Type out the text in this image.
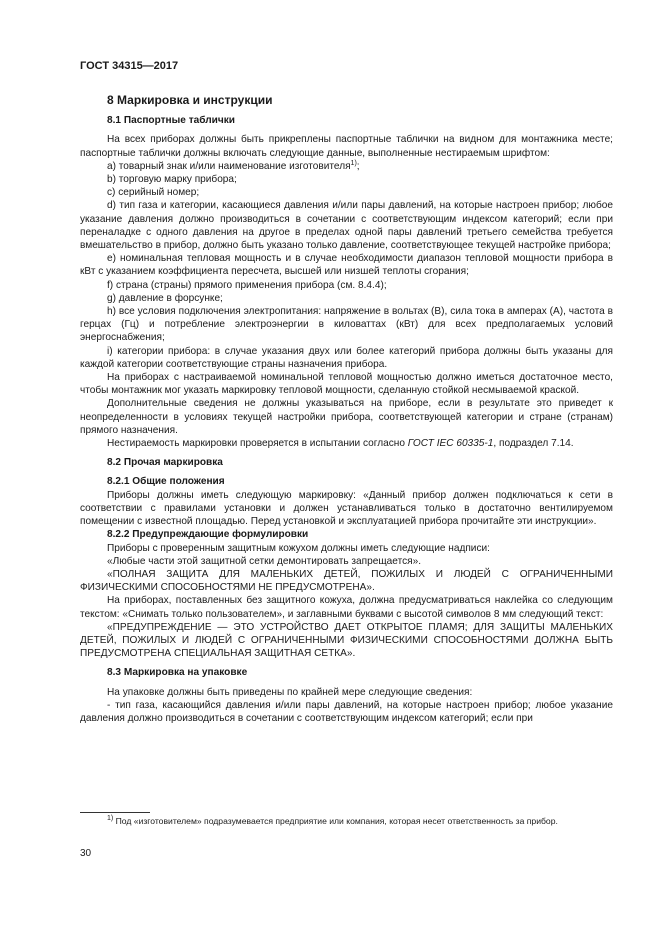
ГОСТ 34315—2017

8 Маркировка и инструкции

8.1 Паспортные таблички

На всех приборах должны быть прикреплены паспортные таблички на видном для монтажника месте; паспортные таблички должны включать следующие данные, выполненные нестираемым шрифтом:

а) товарный знак и/или наименование изготовителя$^{1)}$;

b) торговую марку прибора;

c) серийный номер;

d) тип газа и категории, касающиеся давления и/или пары давлений, на которые настроен прибор; любое указание давления должно производиться в сочетании с соответствующим индексом категорий; если при переналадке с одного давления на другое в пределах одной пары давлений третьего семейства требуется вмешательство в прибор, должно быть указано только давление, соответствующее текущей настройке прибора;

e) номинальная тепловая мощность и в случае необходимости диапазон тепловой мощности прибора в кВт с указанием коэффициента пересчета, высшей или низшей теплоты сгорания;

f) страна (страны) прямого применения прибора (см. 8.4.4);

g) давление в форсунке;

h) все условия подключения электропитания: напряжение в вольтах (В), сила тока в амперах (А), частота в герцах (Гц) и потребление электроэнергии в киловаттах (кВт) для всех предполагаемых условий энергоснабжения;

i) категории прибора: в случае указания двух или более категорий прибора должны быть указаны для каждой категории соответствующие страны назначения прибора.

На приборах с настраиваемой номинальной тепловой мощностью должно иметься достаточное место, чтобы монтажник мог указать маркировку тепловой мощности, сделанную стойкой несмываемой краской.

Дополнительные сведения не должны указываться на приборе, если в результате это приведет к неопределенности в условиях текущей настройки прибора, соответствующей категории и стране (странам) прямого назначения.

Нестираемость маркировки проверяется в испытании согласно ГОСТ IEC 60335-1, подраздел 7.14.

8.2 Прочая маркировка

8.2.1 Общие положения

Приборы должны иметь следующую маркировку: «Данный прибор должен подключаться к сети в соответствии с правилами установки и должен устанавливаться только в достаточно вентилируемом помещении с известной площадью. Перед установкой и эксплуатацией прибора прочитайте эти инструкции».

8.2.2 Предупреждающие формулировки

Приборы с проверенным защитным кожухом должны иметь следующие надписи:

«Любые части этой защитной сетки демонтировать запрещается».

«ПОЛНАЯ ЗАЩИТА ДЛЯ МАЛЕНЬКИХ ДЕТЕЙ, ПОЖИЛЫХ И ЛЮДЕЙ С ОГРАНИЧЕННЫМИ ФИЗИЧЕСКИМИ СПОСОБНОСТЯМИ НЕ ПРЕДУСМОТРЕНА».

На приборах, поставленных без защитного кожуха, должна предусматриваться наклейка со следующим текстом: «Снимать только пользователем», и заглавными буквами с высотой символов 8 мм следующий текст:

«ПРЕДУПРЕЖДЕНИЕ — ЭТО УСТРОЙСТВО ДАЕТ ОТКРЫТОЕ ПЛАМЯ; ДЛЯ ЗАЩИТЫ МАЛЕНЬКИХ ДЕТЕЙ, ПОЖИЛЫХ И ЛЮДЕЙ С ОГРАНИЧЕННЫМИ ФИЗИЧЕСКИМИ СПОСОБНОСТЯМИ ДОЛЖНА БЫТЬ ПРЕДУСМОТРЕНА СПЕЦИАЛЬНАЯ ЗАЩИТНАЯ СЕТКА».

8.3 Маркировка на упаковке

На упаковке должны быть приведены по крайней мере следующие сведения:

- тип газа, касающийся давления и/или пары давлений, на которые настроен прибор; любое указание давления должно производиться в сочетании с соответствующим индексом категорий; если при

$^{1)}$ Под «изготовителем» подразумевается предприятие или компания, которая несет ответственность за прибор.
30
